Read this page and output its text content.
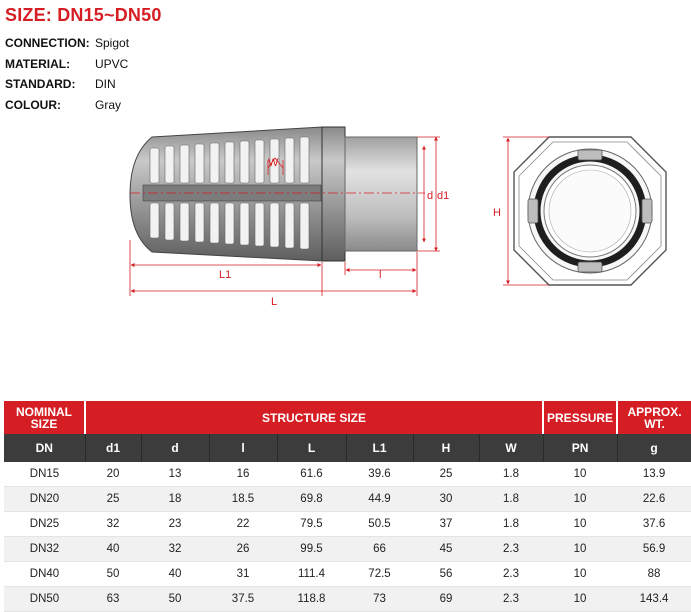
SIZE: DN15~DN50
CONNECTION: Spigot
MATERIAL:	UPVC
STANDARD:	DIN
COLOUR:	Gray
W
d d1
L1	l
L
H
NOMINAL SIZE	STRUCTURE SIZE							PRESSURE	APPROX. WT.
DN	d1	d	l	L	L1	H	W	PN	g
DN15	20	13	16	61.6	39.6	25	1.8	10	13.9
DN20	25	18	18.5	69.8	44.9	30	1.8	10	22.6
DN25	32	23	22	79.5	50.5	37	1.8	10	37.6
DN32	40	32	26	99.5	66	45	2.3	10	56.9
DN40	50	40	31	111.4	72.5	56	2.3	10	88
DN50	63	50	37.5	118.8	73	69	2.3	10	143.4
